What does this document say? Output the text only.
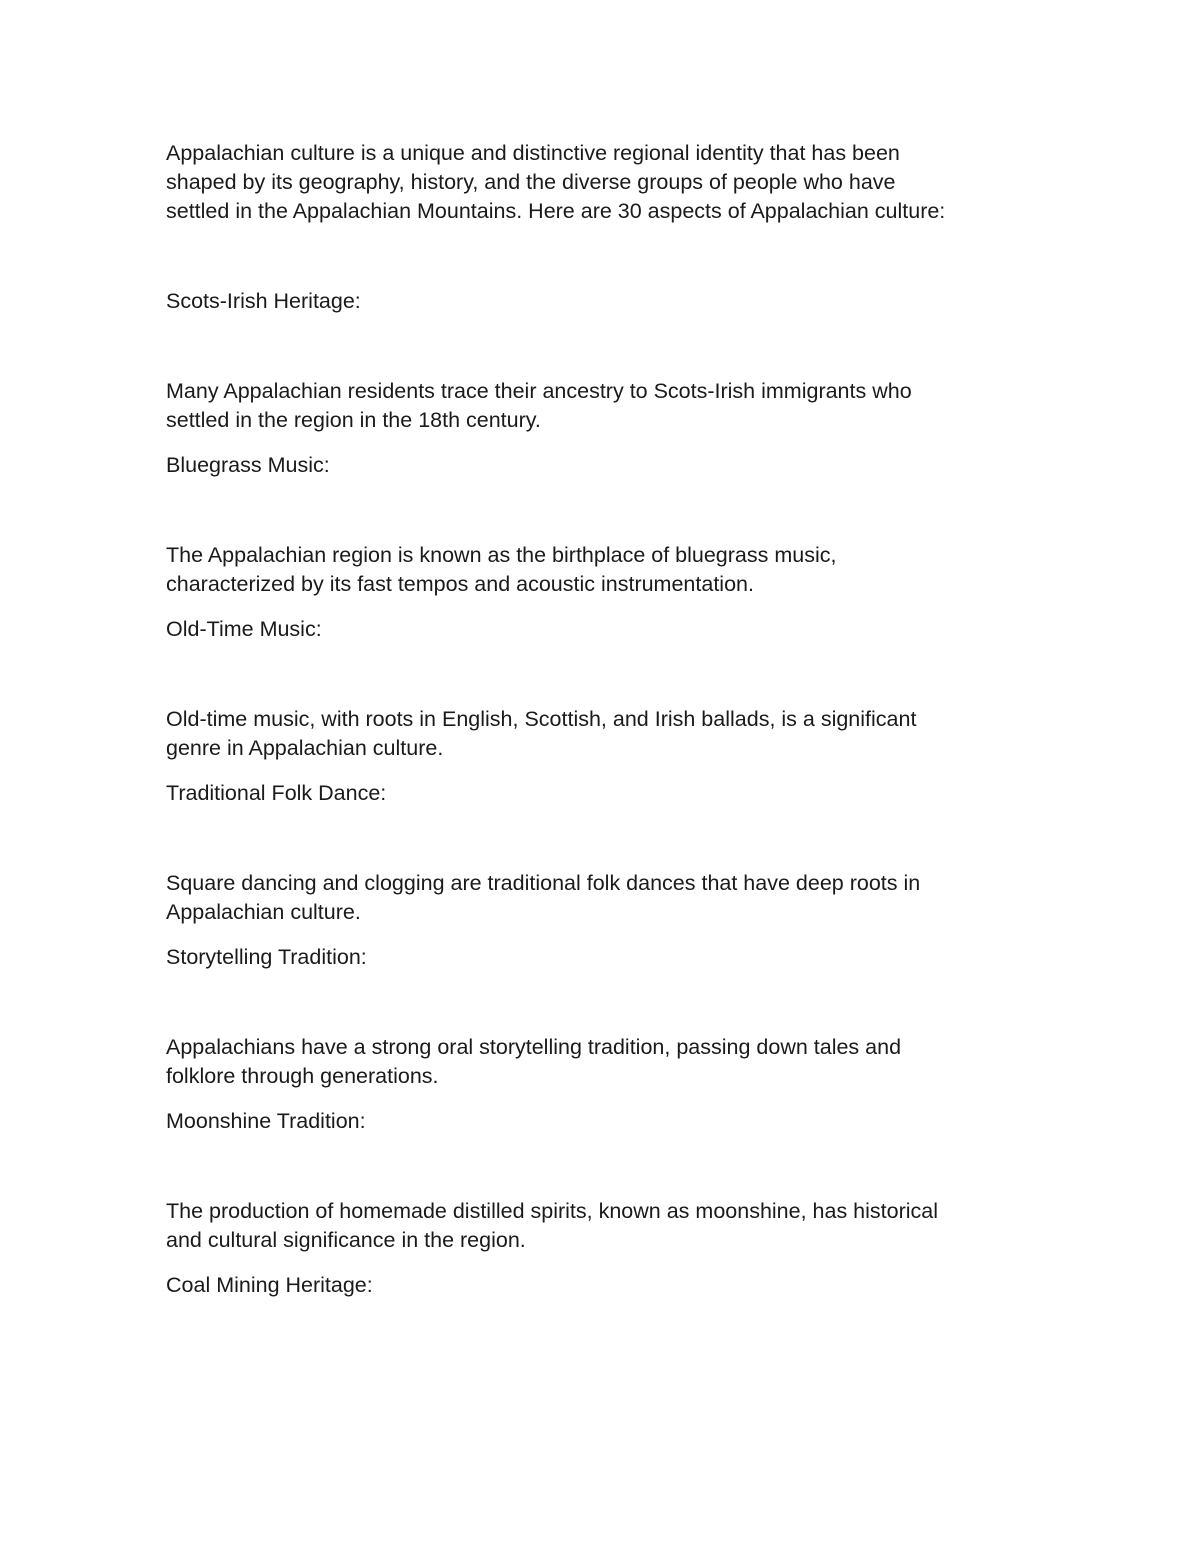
Appalachian culture is a unique and distinctive regional identity that has been

shaped by its geography, history, and the diverse groups of people who have

settled in the Appalachian Mountains. Here are 30 aspects of Appalachian culture:

Scots-Irish Heritage:

Many Appalachian residents trace their ancestry to Scots-Irish immigrants who

settled in the region in the 18th century.

Bluegrass Music:

The Appalachian region is known as the birthplace of bluegrass music,

characterized by its fast tempos and acoustic instrumentation.

Old-Time Music:

Old-time music, with roots in English, Scottish, and Irish ballads, is a significant

genre in Appalachian culture.

Traditional Folk Dance:

Square dancing and clogging are traditional folk dances that have deep roots in

Appalachian culture.

Storytelling Tradition:

Appalachians have a strong oral storytelling tradition, passing down tales and

folklore through generations.

Moonshine Tradition:

The production of homemade distilled spirits, known as moonshine, has historical

and cultural significance in the region.

Coal Mining Heritage:
